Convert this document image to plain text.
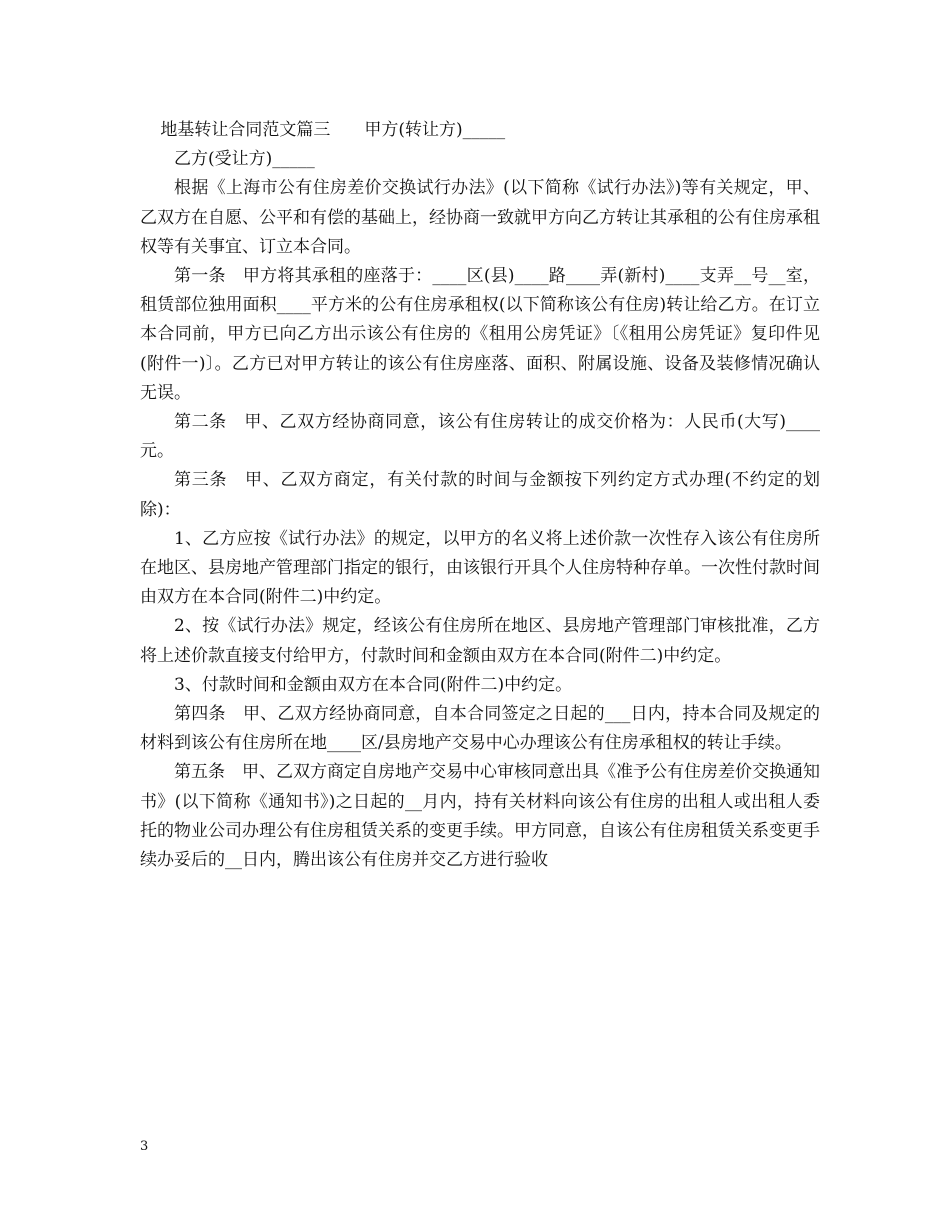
地基转让合同范文篇三　　甲方(转让方)_____

乙方(受让方)_____

根据《上海市公有住房差价交换试行办法》(以下简称《试行办法》)等有关规定，甲、乙双方在自愿、公平和有偿的基础上，经协商一致就甲方向乙方转让其承租的公有住房承租权等有关事宜、订立本合同。

第一条　甲方将其承租的座落于：____区(县)____路____弄(新村)____支弄__号__室，租赁部位独用面积____平方米的公有住房承租权(以下简称该公有住房)转让给乙方。在订立本合同前，甲方已向乙方出示该公有住房的《租用公房凭证》〔《租用公房凭证》复印件见(附件一)〕。乙方已对甲方转让的该公有住房座落、面积、附属设施、设备及装修情况确认无误。

第二条　甲、乙双方经协商同意，该公有住房转让的成交价格为：人民币(大写)____元。

第三条　甲、乙双方商定，有关付款的时间与金额按下列约定方式办理(不约定的划除)：

1、乙方应按《试行办法》的规定，以甲方的名义将上述价款一次性存入该公有住房所在地区、县房地产管理部门指定的银行，由该银行开具个人住房特种存单。一次性付款时间由双方在本合同(附件二)中约定。

2、按《试行办法》规定，经该公有住房所在地区、县房地产管理部门审核批准，乙方将上述价款直接支付给甲方，付款时间和金额由双方在本合同(附件二)中约定。

3、付款时间和金额由双方在本合同(附件二)中约定。

第四条　甲、乙双方经协商同意，自本合同签定之日起的___日内，持本合同及规定的材料到该公有住房所在地____区/县房地产交易中心办理该公有住房承租权的转让手续。

第五条　甲、乙双方商定自房地产交易中心审核同意出具《准予公有住房差价交换通知书》(以下简称《通知书》)之日起的__月内，持有关材料向该公有住房的出租人或出租人委托的物业公司办理公有住房租赁关系的变更手续。甲方同意，自该公有住房租赁关系变更手续办妥后的__日内，腾出该公有住房并交乙方进行验收

3
